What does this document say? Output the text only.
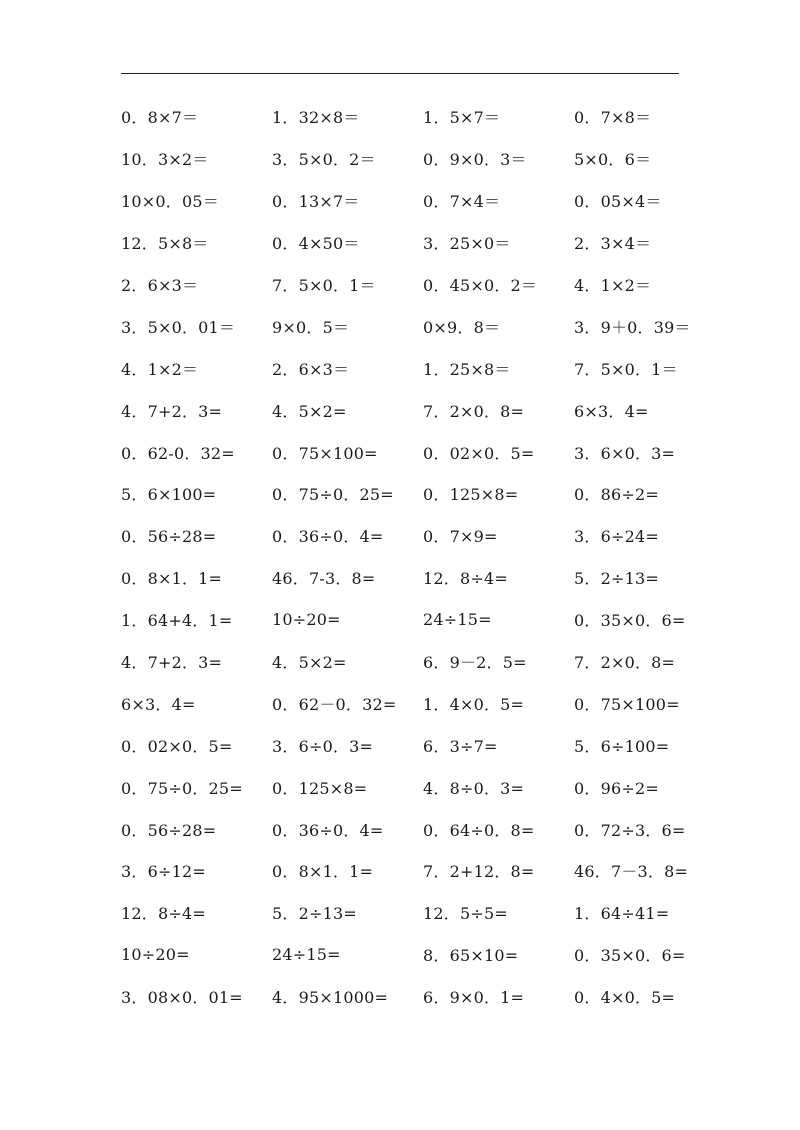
0．8×7＝	1．32×8＝	1．5×7＝	0．7×8＝
10．3×2＝	3．5×0．2＝	0．9×0．3＝	5×0．6＝
10×0．05＝	0．13×7＝	0．7×4＝	0．05×4＝
12．5×8＝	0．4×50＝	3．25×0＝	2．3×4＝
2．6×3＝	7．5×0．1＝	0．45×0．2＝	4．1×2＝
3．5×0．01＝	9×0．5＝	0×9．8＝	3．9＋0．39＝
4．1×2＝	2．6×3＝	1．25×8＝	7．5×0．1＝
4．7+2．3=	4．5×2=	7．2×0．8=	6×3．4=
0．62-0．32=	0．75×100=	0．02×0．5=	3．6×0．3=
5．6×100=	0．75÷0．25=	0．125×8=	0．86÷2=
0．56÷28=	0．36÷0．4=	0．7×9=	3．6÷24=
0．8×1．1=	46．7-3．8=	12．8÷4=	5．2÷13=
1．64+4．1=	10÷20=	24÷15=	0．35×0．6=
4．7+2．3=	4．5×2=	6．9－2．5=	7．2×0．8=
6×3．4=	0．62－0．32=	1．4×0．5=	0．75×100=
0．02×0．5=	3．6÷0．3=	6．3÷7=	5．6÷100=
0．75÷0．25=	0．125×8=	4．8÷0．3=	0．96÷2=
0．56÷28=	0．36÷0．4=	0．64÷0．8=	0．72÷3．6=
3．6÷12=	0．8×1．1=	7．2+12．8=	46．7－3．8=
12．8÷4=	5．2÷13=	12．5÷5=	1．64÷41=
10÷20=	24÷15=	8．65×10=	0．35×0．6=
3．08×0．01=	4．95×1000=	6．9×0．1=	0．4×0．5=
